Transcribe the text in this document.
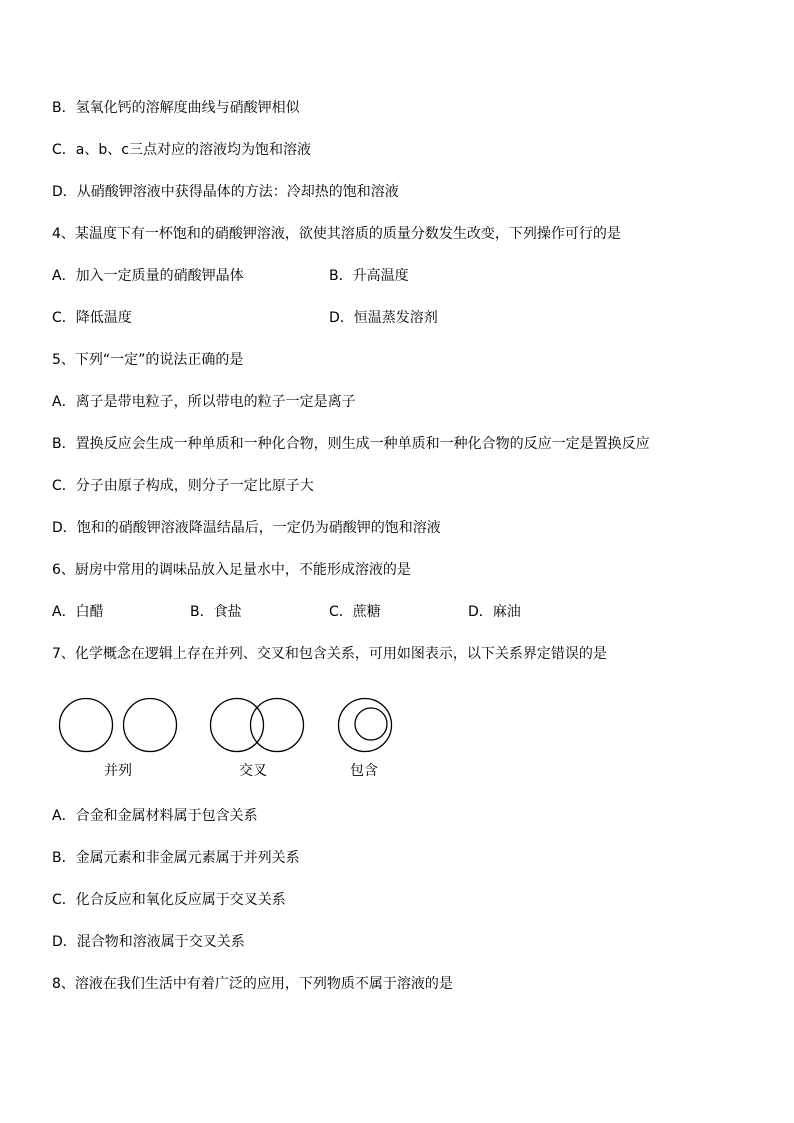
B．氢氧化钙的溶解度曲线与硝酸钾相似
C．a、b、c三点对应的溶液均为饱和溶液
D．从硝酸钾溶液中获得晶体的方法：冷却热的饱和溶液
4、某温度下有一杯饱和的硝酸钾溶液，欲使其溶质的质量分数发生改变，下列操作可行的是
A．加入一定质量的硝酸钾晶体	B．升高温度
C．降低温度	D．恒温蒸发溶剂
5、下列“一定”的说法正确的是
A．离子是带电粒子，所以带电的粒子一定是离子
B．置换反应会生成一种单质和一种化合物，则生成一种单质和一种化合物的反应一定是置换反应
C．分子由原子构成，则分子一定比原子大
D．饱和的硝酸钾溶液降温结晶后，一定仍为硝酸钾的饱和溶液
6、厨房中常用的调味品放入足量水中，不能形成溶液的是
A．白醋	B．食盐	C．蔗糖	D．麻油
7、化学概念在逻辑上存在并列、交叉和包含关系，可用如图表示，以下关系界定错误的是
并列	交叉	包含
A．合金和金属材料属于包含关系
B．金属元素和非金属元素属于并列关系
C．化合反应和氧化反应属于交叉关系
D．混合物和溶液属于交叉关系
8、溶液在我们生活中有着广泛的应用，下列物质不属于溶液的是
